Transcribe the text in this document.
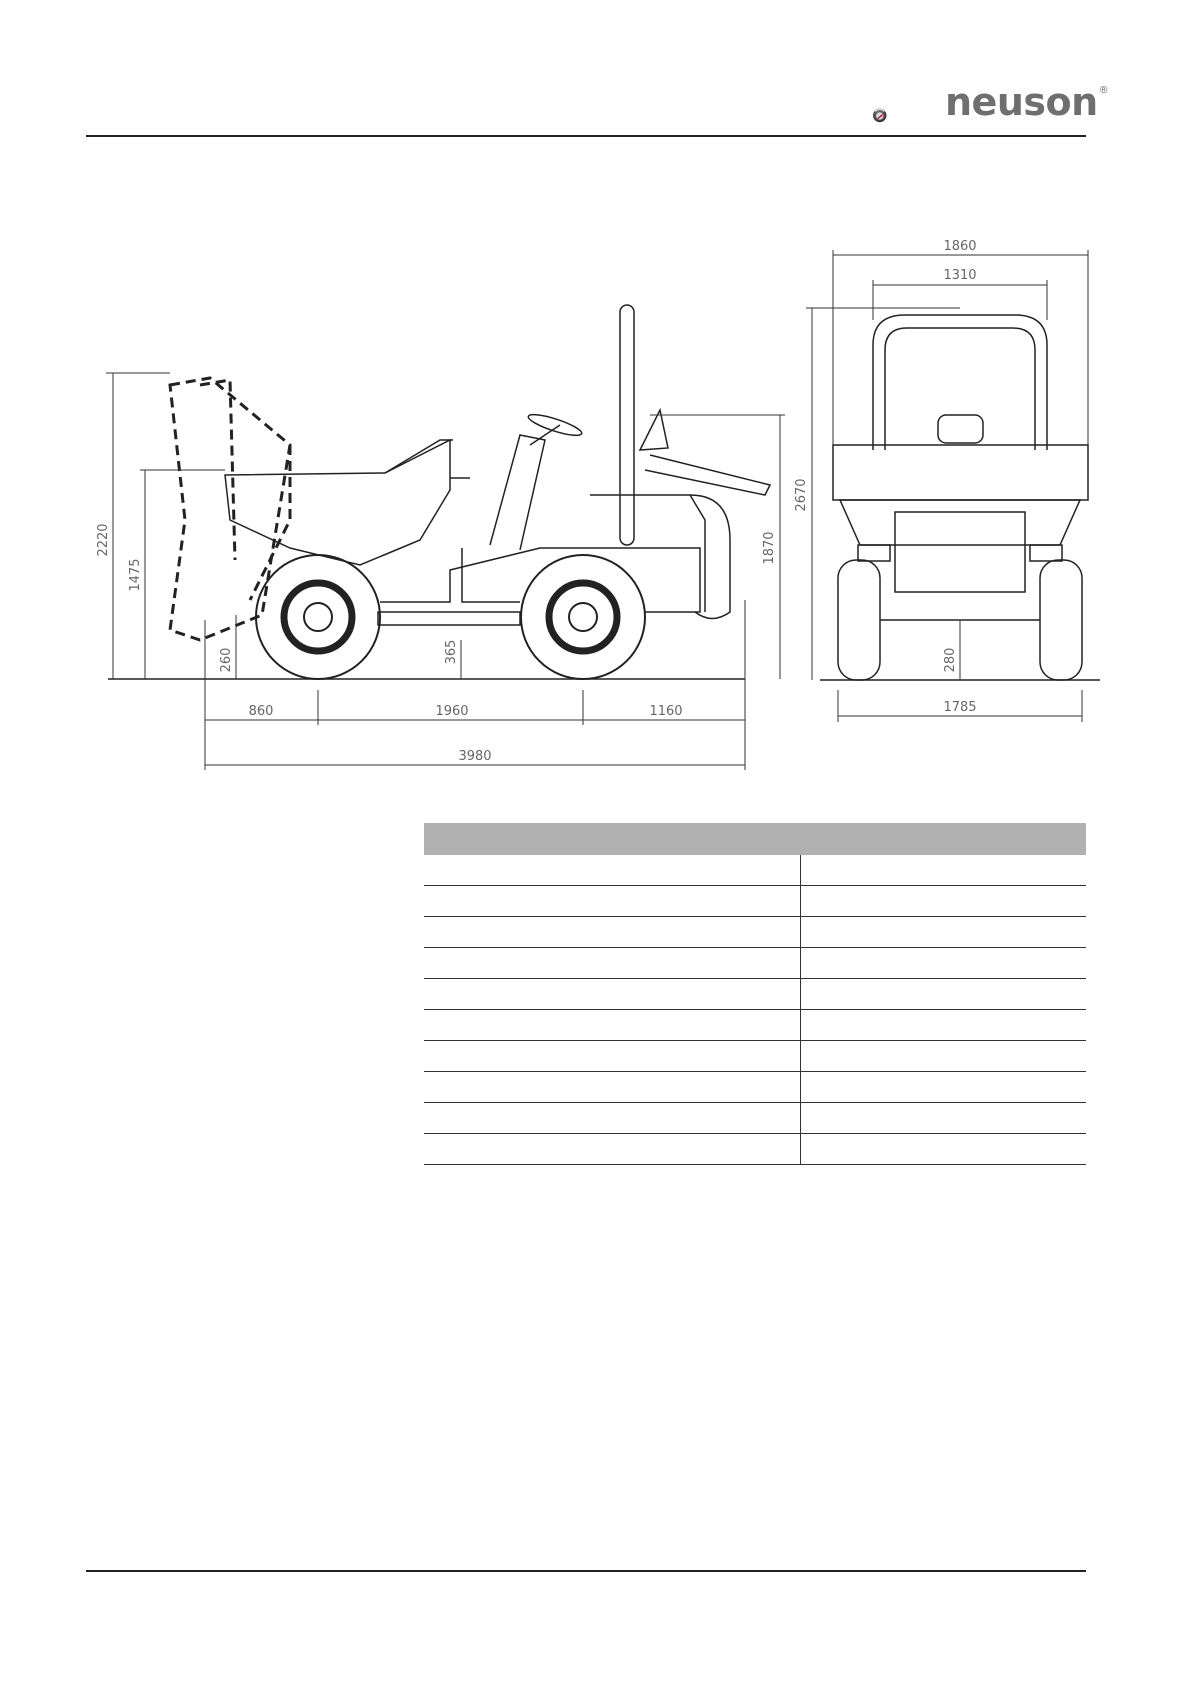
neuson®
2220
1475
260	365
1870
860	1960	1160
3980
1860
1310
2670
280
1785
